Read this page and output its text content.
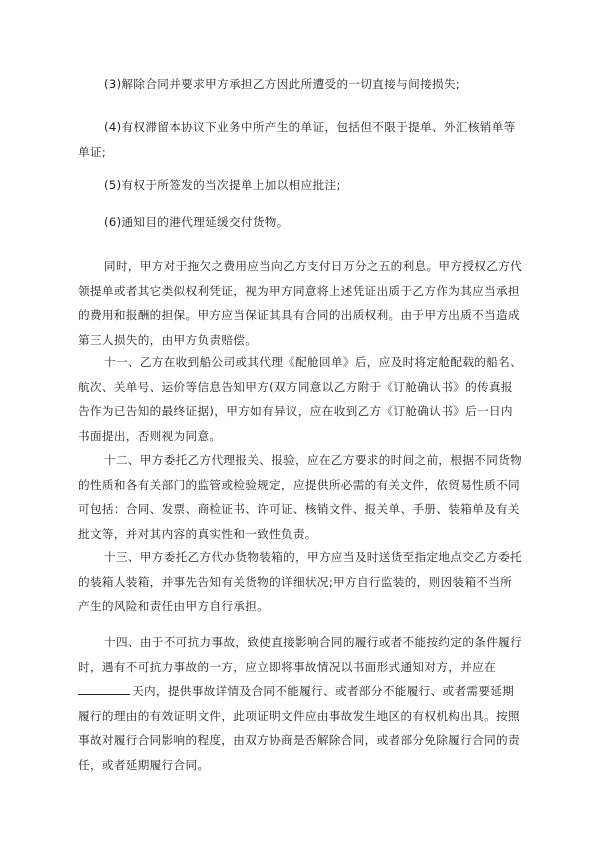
(3)解除合同并要求甲方承担乙方因此所遭受的一切直接与间接损失;

(4)有权滞留本协议下业务中所产生的单证，包括但不限于提单、外汇核销单等单证;

(5)有权于所签发的当次提单上加以相应批注;

(6)通知目的港代理延缓交付货物。

同时，甲方对于拖欠之费用应当向乙方支付日万分之五的利息。甲方授权乙方代领提单或者其它类似权利凭证，视为甲方同意将上述凭证出质于乙方作为其应当承担的费用和报酬的担保。甲方应当保证其具有合同的出质权利。由于甲方出质不当造成第三人损失的，由甲方负责赔偿。

十一、乙方在收到船公司或其代理《配舱回单》后，应及时将定舱配载的船名、航次、关单号、运价等信息告知甲方(双方同意以乙方附于《订舱确认书》的传真报告作为已告知的最终证据)，甲方如有异议，应在收到乙方《订舱确认书》后一日内书面提出，否则视为同意。

十二、甲方委托乙方代理报关、报验，应在乙方要求的时间之前，根据不同货物的性质和各有关部门的监管或检验规定，应提供所必需的有关文件，依贸易性质不同可包括：合同、发票、商检证书、许可证、核销文件、报关单、手册、装箱单及有关批文等，并对其内容的真实性和一致性负责。

十三、甲方委托乙方代办货物装箱的，甲方应当及时送货至指定地点交乙方委托的装箱人装箱，并事先告知有关货物的详细状况;甲方自行监装的，则因装箱不当所产生的风险和责任由甲方自行承担。

十四、由于不可抗力事故，致使直接影响合同的履行或者不能按约定的条件履行时，遇有不可抗力事故的一方，应立即将事故情况以书面形式通知对方，并应在天内，提供事故详情及合同不能履行、或者部分不能履行、或者需要延期履行的理由的有效证明文件，此项证明文件应由事故发生地区的有权机构出具。按照事故对履行合同影响的程度，由双方协商是否解除合同，或者部分免除履行合同的责任，或者延期履行合同。
